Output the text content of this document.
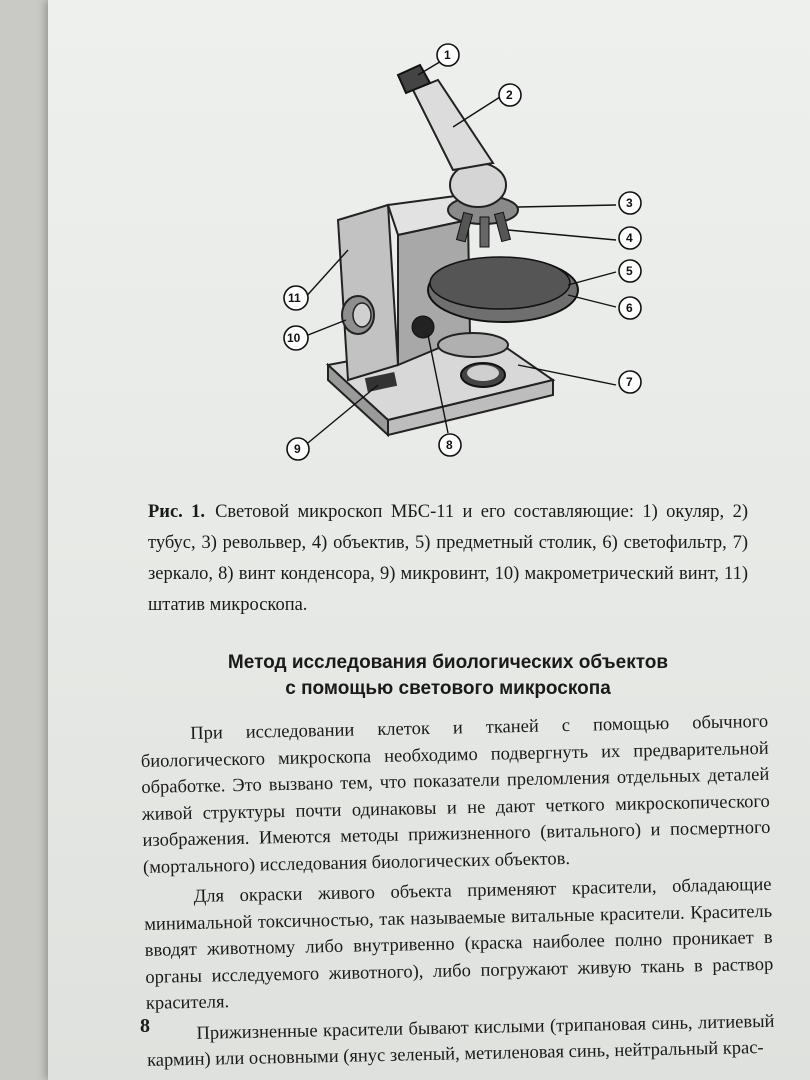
1
2
3
4
5
6
7
8
9
10
11
Рис. 1. Световой микроскоп МБС-11 и его составляющие: 1) окуляр, 2) тубус, 3) револьвер, 4) объектив, 5) предметный столик, 6) светофильтр, 7) зеркало, 8) винт конденсора, 9) микровинт, 10) макрометрический винт, 11) штатив микроскопа.
Метод исследования биологических объектов
с помощью светового микроскопа

При исследовании клеток и тканей с помощью обычного биологического микроскопа необходимо подвергнуть их предварительной обработке. Это вызвано тем, что показатели преломления отдельных деталей живой структуры почти одинаковы и не дают четкого микроскопического изображения. Имеются методы прижизненного (витального) и посмертного (мортального) исследования биологических объектов.

Для окраски живого объекта применяют красители, обладающие минимальной токсичностью, так называемые витальные красители. Краситель вводят животному либо внутривенно (краска наиболее полно проникает в органы исследуемого животного), либо погружают живую ткань в раствор красителя.

Прижизненные красители бывают кислыми (трипановая синь, литиевый кармин) или основными (янус зеленый, метиленовая синь, нейтральный крас-

8
